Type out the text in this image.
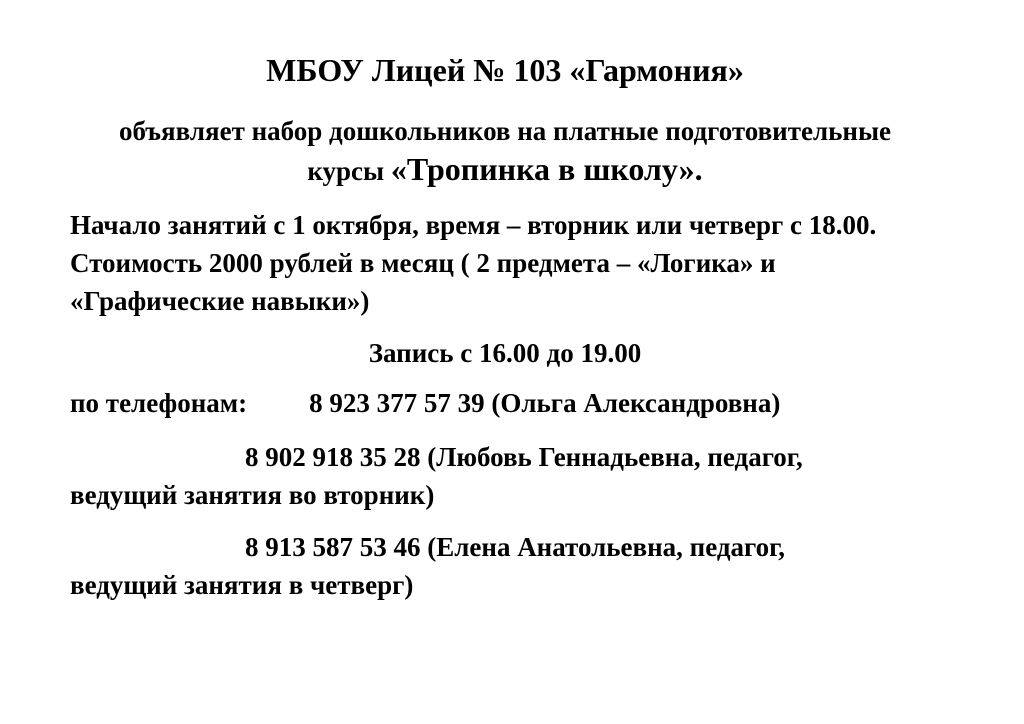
МБОУ Лицей № 103 «Гармония»

объявляет набор дошкольников на платные подготовительные
курсы «Тропинка в школу».

Начало занятий с 1 октября, время – вторник или четверг с 18.00.
Стоимость 2000 рублей в месяц ( 2 предмета – «Логика» и
«Графические навыки»)

Запись с 16.00 до 19.00

по телефонам: 8 923 377 57 39 (Ольга Александровна)

8 902 918 35 28 (Любовь Геннадьевна, педагог,
ведущий занятия во вторник)

8 913 587 53 46 (Елена Анатольевна, педагог,
ведущий занятия в четверг)
